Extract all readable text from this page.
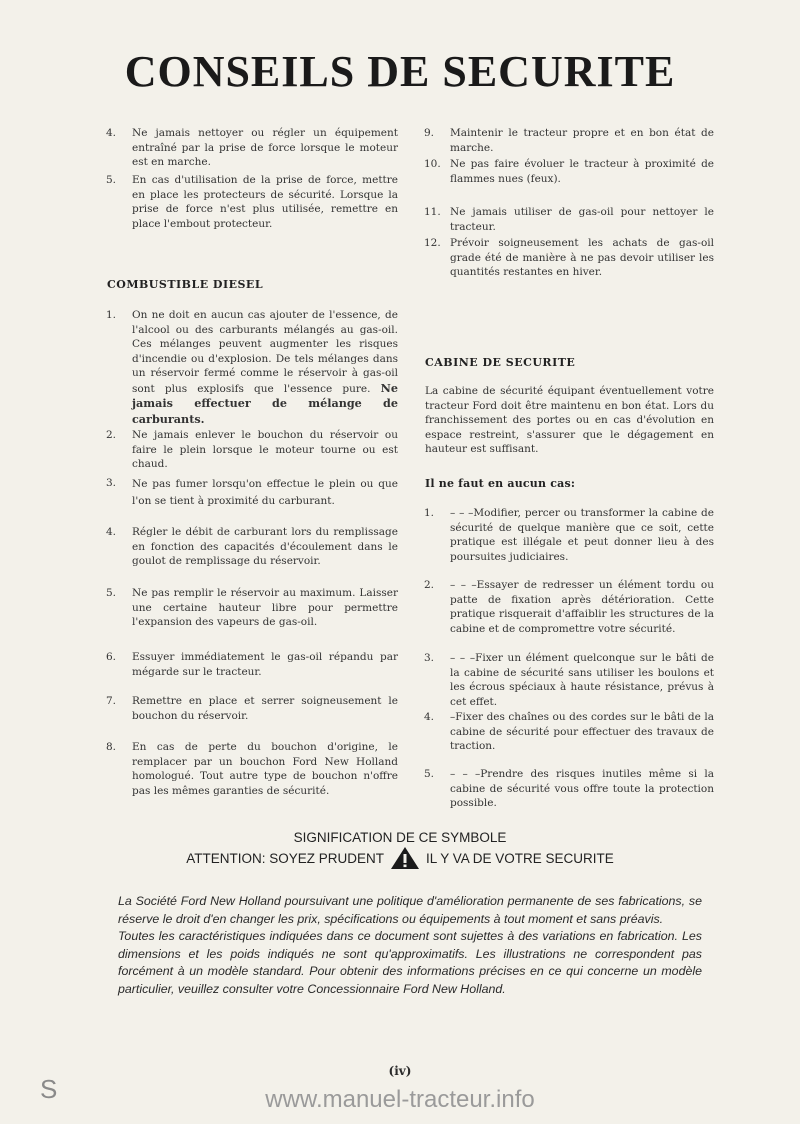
CONSEILS DE SECURITE
4.	Ne jamais nettoyer ou régler un équipement entraîné par la prise de force lorsque le moteur est en marche.
5.	En cas d'utilisation de la prise de force, mettre en place les protecteurs de sécurité. Lorsque la prise de force n'est plus utilisée, remettre en place l'embout protecteur.
COMBUSTIBLE DIESEL
1.	On ne doit en aucun cas ajouter de l'essence, de l'alcool ou des carburants mélangés au gas-oil. Ces mélanges peuvent augmenter les risques d'incendie ou d'explosion. De tels mélanges dans un réservoir fermé comme le réservoir à gas-oil sont plus explosifs que l'essence pure. Ne jamais effectuer de mélange de carburants.
2.	Ne jamais enlever le bouchon du réservoir ou faire le plein lorsque le moteur tourne ou est chaud.
3.	Ne pas fumer lorsqu'on effectue le plein ou que l'on se tient à proximité du carburant.
4.	Régler le débit de carburant lors du remplissage en fonction des capacités d'écoulement dans le goulot de remplissage du réservoir.
5.	Ne pas remplir le réservoir au maximum. Laisser une certaine hauteur libre pour permettre l'expansion des vapeurs de gas-oil.
6.	Essuyer immédiatement le gas-oil répandu par mégarde sur le tracteur.
7.	Remettre en place et serrer soigneusement le bouchon du réservoir.
8.	En cas de perte du bouchon d'origine, le remplacer par un bouchon Ford New Holland homologué. Tout autre type de bouchon n'offre pas les mêmes garanties de sécurité.
9.	Maintenir le tracteur propre et en bon état de marche.
10. Ne pas faire évoluer le tracteur à proximité de flammes nues (feux).
11. Ne jamais utiliser de gas-oil pour nettoyer le tracteur.
12. Prévoir soigneusement les achats de gas-oil grade été de manière à ne pas devoir utiliser les quantités restantes en hiver.
CABINE DE SECURITE
La cabine de sécurité équipant éventuellement votre tracteur Ford doit être maintenu en bon état. Lors du franchissement des portes ou en cas d'évolution en espace restreint, s'assurer que le dégagement en hauteur est suffisant.
Il ne faut en aucun cas:
1.	– – –Modifier, percer ou transformer la cabine de sécurité de quelque manière que ce soit, cette pratique est illégale et peut donner lieu à des poursuites judiciaires.
2.	– – –Essayer de redresser un élément tordu ou patte de fixation après détérioration. Cette pratique risquerait d'affaiblir les structures de la cabine et de compromettre votre sécurité.
3.	– – –Fixer un élément quelconque sur le bâti de la cabine de sécurité sans utiliser les boulons et les écrous spéciaux à haute résistance, prévus à cet effet.
4.	–Fixer des chaînes ou des cordes sur le bâti de la cabine de sécurité pour effectuer des travaux de traction.
5.	– – –Prendre des risques inutiles même si la cabine de sécurité vous offre toute la protection possible.
SIGNIFICATION DE CE SYMBOLE
ATTENTION: SOYEZ PRUDENT	IL Y VA DE VOTRE SECURITE
La Société Ford New Holland poursuivant une politique d'amélioration permanente de ses fabrications, se réserve le droit d'en changer les prix, spécifications ou équipements à tout moment et sans préavis.
Toutes les caractéristiques indiquées dans ce document sont sujettes à des variations en fabrication. Les dimensions et les poids indiqués ne sont qu'approximatifs. Les illustrations ne correspondent pas forcément à un modèle standard. Pour obtenir des informations précises en ce qui concerne un modèle particulier, veuillez consulter votre Concessionnaire Ford New Holland.
(iv)
S	www.manuel-tracteur.info
